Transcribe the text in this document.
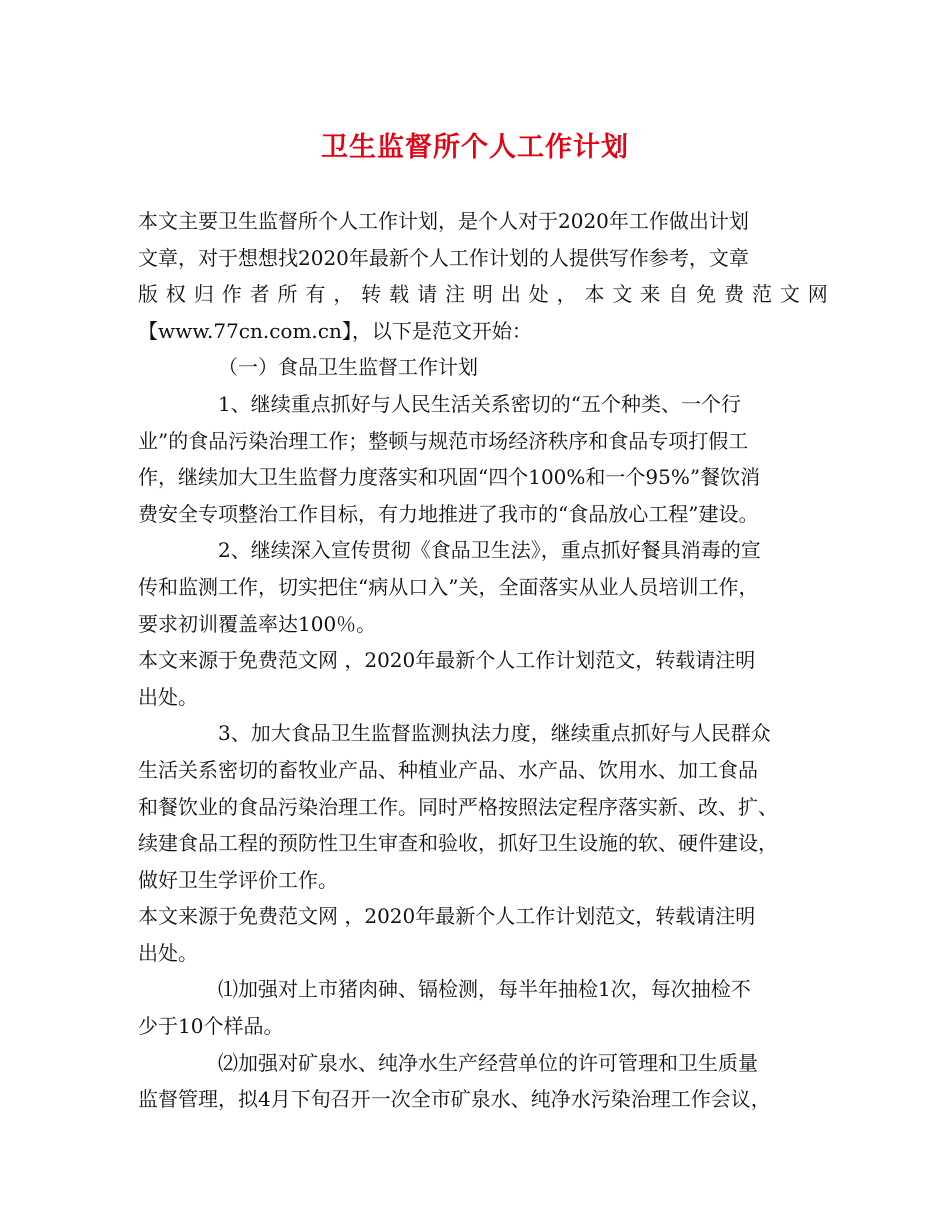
卫生监督所个人工作计划
本文主要卫生监督所个人工作计划，是个人对于2020年工作做出计划
文章，对于想想找2020年最新个人工作计划的人提供写作参考，文章
版 权 归 作 者 所 有 ， 转 载 请 注 明 出 处 ， 本 文 来 自 免 费 范 文 网
【www.77cn.com.cn】，以下是范文开始：
（一）食品卫生监督工作计划
1、继续重点抓好与人民生活关系密切的“五个种类、一个行
业”的食品污染治理工作；整顿与规范市场经济秩序和食品专项打假工
作，继续加大卫生监督力度落实和巩固“四个100%和一个95%”餐饮消
费安全专项整治工作目标，有力地推进了我市的“食品放心工程”建设。
2、继续深入宣传贯彻《食品卫生法》，重点抓好餐具消毒的宣
传和监测工作，切实把住“病从口入”关，全面落实从业人员培训工作，
要求初训覆盖率达100％。
本文来源于免费范文网 ，2020年最新个人工作计划范文，转载请注明
出处。
3、加大食品卫生监督监测执法力度，继续重点抓好与人民群众
生活关系密切的畜牧业产品、种植业产品、水产品、饮用水、加工食品
和餐饮业的食品污染治理工作。同时严格按照法定程序落实新、改、扩、
续建食品工程的预防性卫生审查和验收，抓好卫生设施的软、硬件建设，
做好卫生学评价工作。
本文来源于免费范文网 ，2020年最新个人工作计划范文，转载请注明
出处。
⑴加强对上市猪肉砷、镉检测，每半年抽检1次，每次抽检不
少于10个样品。
⑵加强对矿泉水、纯净水生产经营单位的许可管理和卫生质量
监督管理，拟4月下旬召开一次全市矿泉水、纯净水污染治理工作会议，
